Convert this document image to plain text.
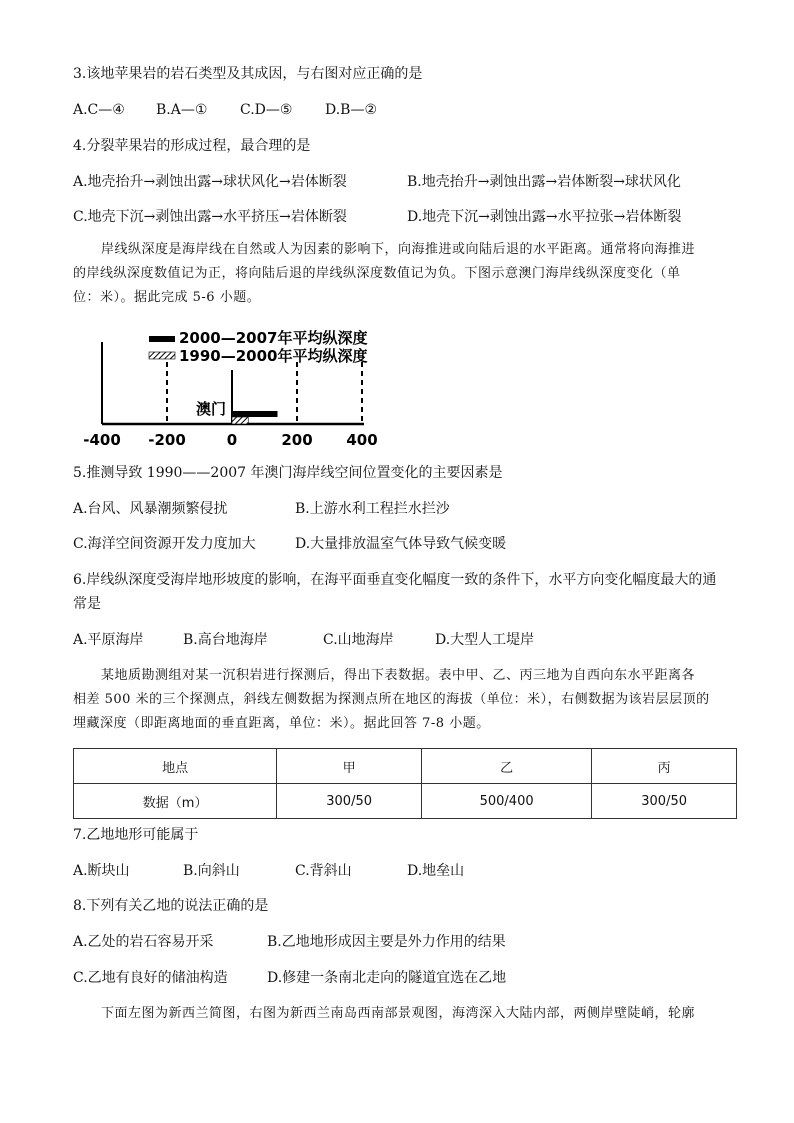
3.该地苹果岩的岩石类型及其成因，与右图对应正确的是
A.C—④ B.A—① C.D—⑤ D.B—②
4.分裂苹果岩的形成过程，最合理的是
A.地壳抬升→剥蚀出露→球状风化→岩体断裂	B.地壳抬升→剥蚀出露→岩体断裂→球状风化
C.地壳下沉→剥蚀出露→水平挤压→岩体断裂	D.地壳下沉→剥蚀出露→水平拉张→岩体断裂

岸线纵深度是海岸线在自然或人为因素的影响下，向海推进或向陆后退的水平距离。通常将向海推进

的岸线纵深度数值记为正，将向陆后退的岸线纵深度数值记为负。下图示意澳门海岸线纵深度变化（单

位：米）。据此完成 5-6 小题。

2000—2007年平均纵深度
1990—2000年平均纵深度
-400 -200	0	200 400
澳门
5.推测导致 1990——2007 年澳门海岸线空间位置变化的主要因素是
A.台风、风暴潮频繁侵扰	B.上游水利工程拦水拦沙
C.海洋空间资源开发力度加大	D.大量排放温室气体导致气候变暖
6.岸线纵深度受海岸地形坡度的影响，在海平面垂直变化幅度一致的条件下，水平方向变化幅度最大的通
常是
A.平原海岸	B.高台地海岸	C.山地海岸	D.大型人工堤岸

某地质勘测组对某一沉积岩进行探测后，得出下表数据。表中甲、乙、丙三地为自西向东水平距离各

相差 500 米的三个探测点，斜线左侧数据为探测点所在地区的海拔（单位：米），右侧数据为该岩层层顶的

埋藏深度（即距离地面的垂直距离，单位：米）。据此回答 7-8 小题。

地点	甲	乙	丙
数据（m）	300/50	500/400	300/50
7.乙地地形可能属于
A.断块山	B.向斜山	C.背斜山	D.地垒山
8.下列有关乙地的说法正确的是
A.乙处的岩石容易开采	B.乙地地形成因主要是外力作用的结果
C.乙地有良好的储油构造	D.修建一条南北走向的隧道宜选在乙地

下面左图为新西兰简图，右图为新西兰南岛西南部景观图，海湾深入大陆内部，两侧岸壁陡峭，轮廓
